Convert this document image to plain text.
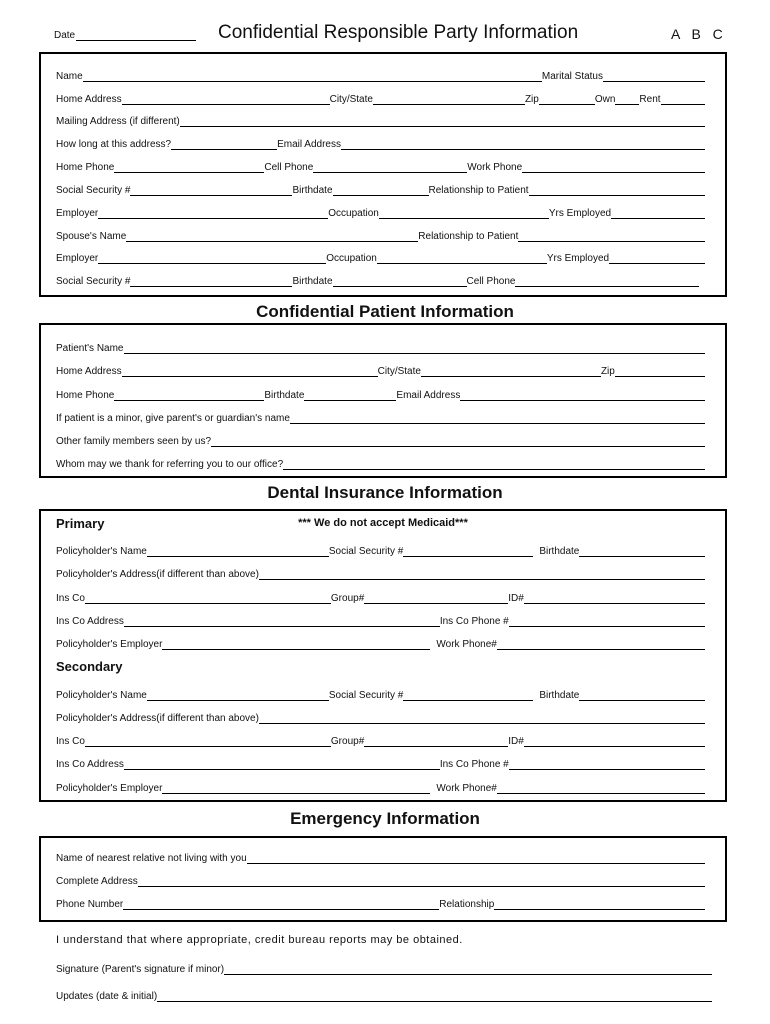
Date	Confidential Responsible Party Information	A B C
Name	Marital Status
Home Address	City/State	Zip	Own Rent
Mailing Address (if different)
How long at this address?	Email Address
Home Phone	Cell Phone	Work Phone
Social Security #	Birthdate	Relationship to Patient
Employer	Occupation	Yrs Employed
Spouse's Name	Relationship to Patient
Employer	Occupation	Yrs Employed
Social Security #	Birthdate	Cell Phone
Confidential Patient Information
Patient's Name
Home Address	City/State	Zip
Home Phone	Birthdate	Email Address
If patient is a minor, give parent's or guardian's name
Other family members seen by us?
Whom may we thank for referring you to our office?
Dental Insurance Information
Primary	*** We do not accept Medicaid***
Policyholder's Name	Social Security #	Birthdate
Policyholder's Address(if different than above)
Ins Co	Group#	ID#
Ins Co Address	Ins Co Phone #
Policyholder's Employer	Work Phone#
Secondary
Policyholder's Name	Social Security #	Birthdate
Policyholder's Address(if different than above)
Ins Co	Group#	ID#
Ins Co Address	Ins Co Phone #
Policyholder's Employer	Work Phone#
Emergency Information
Name of nearest relative not living with you
Complete Address
Phone Number	Relationship
I understand that where appropriate, credit bureau reports may be obtained.
Signature (Parent's signature if minor)
Updates (date & initial)
